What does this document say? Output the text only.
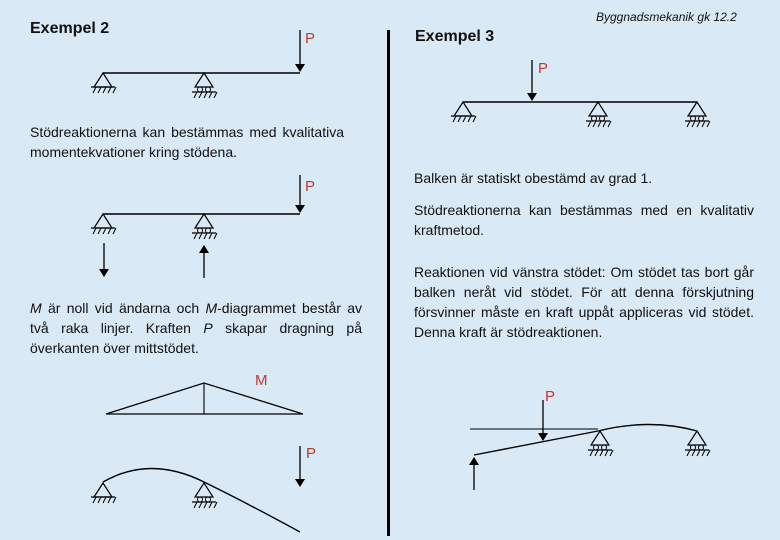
Byggnadsmekanik gk 12.2
Exempel 2
Stödreaktionerna kan bestämmas med kvalitativa momentekvationer kring stödena.
M är noll vid ändarna och M-diagrammet består av två raka linjer. Kraften P skapar dragning på överkanten över mittstödet.
P
P
M
P
Exempel 3
P
P
Balken är statiskt obestämd av grad 1.
Stödreaktionerna kan bestämmas med en kvalitativ kraftmetod.
Reaktionen vid vänstra stödet: Om stödet tas bort går balken neråt vid stödet. För att denna förskjutning försvinner måste en kraft uppåt appliceras vid stödet. Denna kraft är stödreaktionen.
